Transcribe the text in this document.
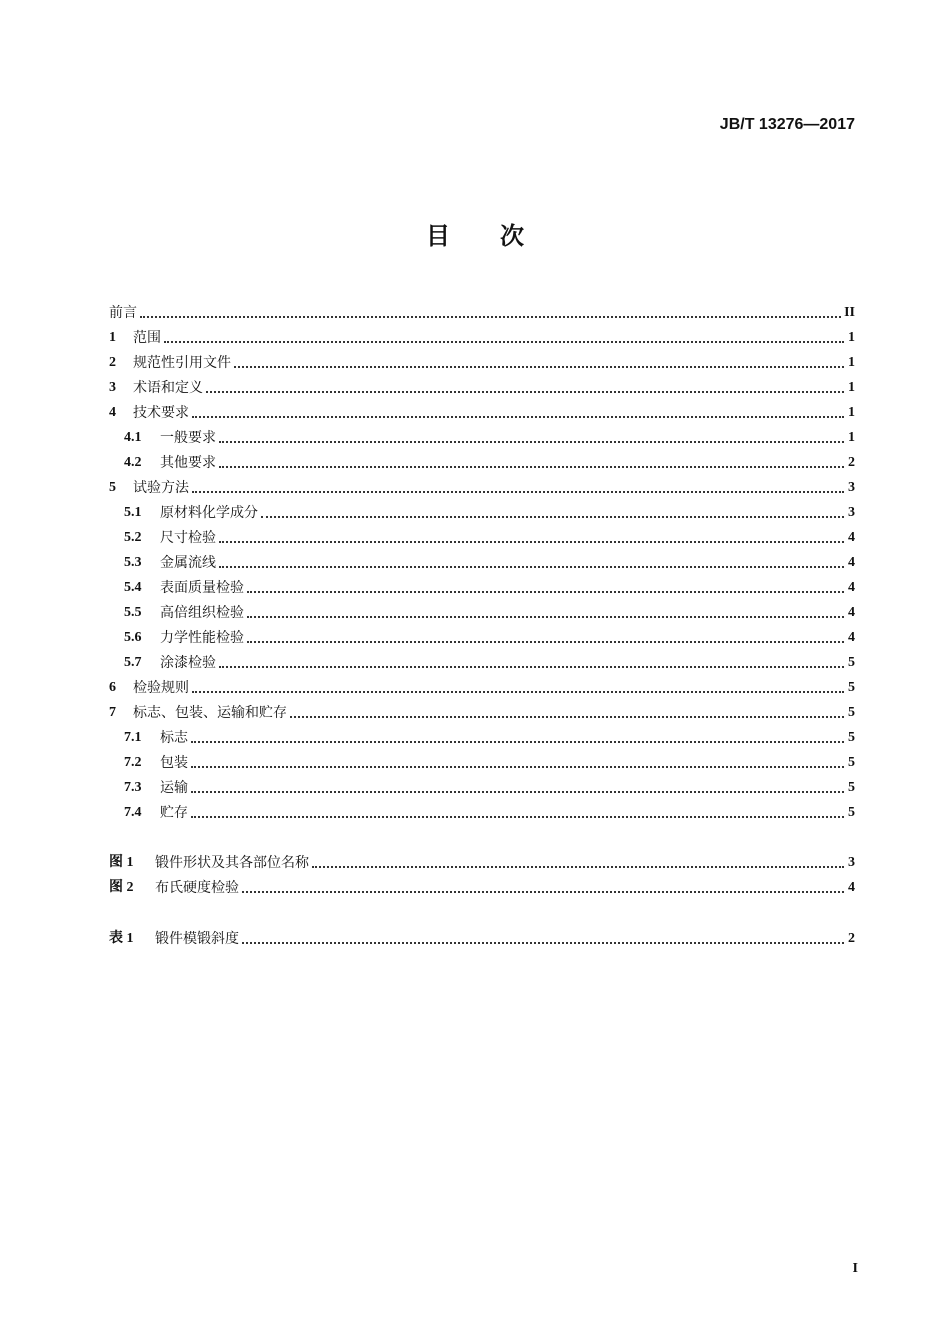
JB/T 13276—2017
目次
前言	II
1	范围	1
2	规范性引用文件	1
3	术语和定义	1
4	技术要求	1
4.1	一般要求	1
4.2	其他要求	2
5	试验方法	3
5.1	原材料化学成分	3
5.2	尺寸检验	4
5.3	金属流线	4
5.4	表面质量检验	4
5.5	高倍组织检验	4
5.6	力学性能检验	4
5.7	涂漆检验	5
6	检验规则	5
7	标志、包装、运输和贮存	5
7.1	标志	5
7.2	包装	5
7.3	运输	5
7.4	贮存	5
图 1	锻件形状及其各部位名称	3
图 2	布氏硬度检验	4
表 1	锻件模锻斜度	2
I
